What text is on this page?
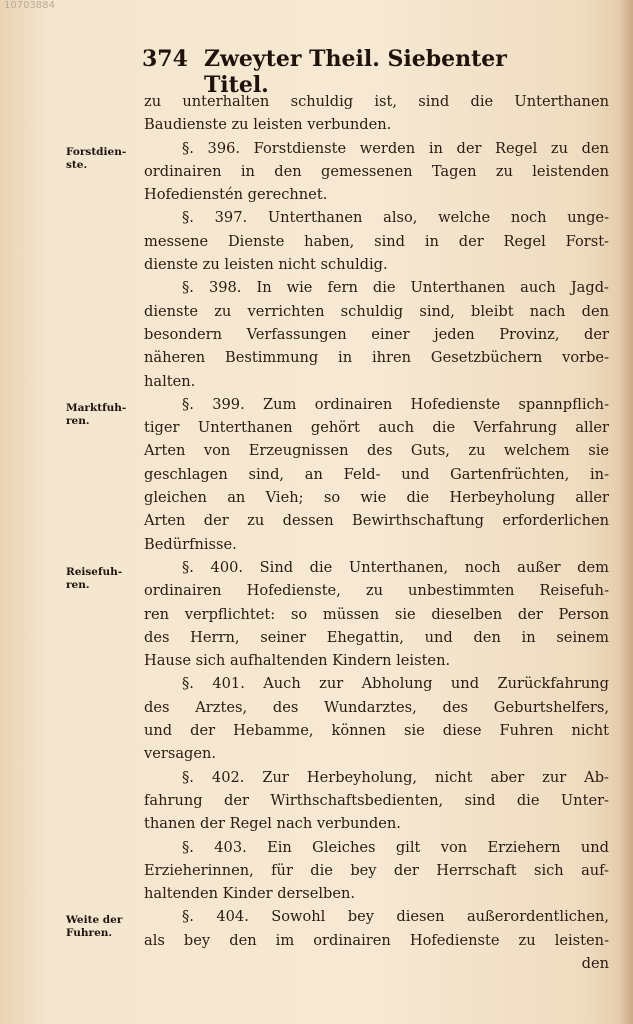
10703884
374 Zweyter Theil. Siebenter Titel.
Forstdien-
ste.
Marktfuh-
ren.
Reisefuh-
ren.
Weite der
Fuhren.
zu unterhalten schuldig ist, sind die Unterthanen
Baudienste zu leisten verbunden.
§. 396. Forstdienste werden in der Regel zu den
ordinairen in den gemessenen Tagen zu leistenden
Hofedienstén gerechnet.
§. 397. Unterthanen also, welche noch unge-
messene Dienste haben, sind in der Regel Forst-
dienste zu leisten nicht schuldig.
§. 398. In wie fern die Unterthanen auch Jagd-
dienste zu verrichten schuldig sind, bleibt nach den
besondern Verfassungen einer jeden Provinz, der
näheren Bestimmung in ihren Gesetzbüchern vorbe-
halten.
§. 399. Zum ordinairen Hofedienste spannpflich-
tiger Unterthanen gehört auch die Verfahrung aller
Arten von Erzeugnissen des Guts, zu welchem sie
geschlagen sind, an Feld- und Gartenfrüchten, in-
gleichen an Vieh; so wie die Herbeyholung aller
Arten der zu dessen Bewirthschaftung erforderlichen
Bedürfnisse.
§. 400. Sind die Unterthanen, noch außer dem
ordinairen Hofedienste, zu unbestimmten Reisefuh-
ren verpflichtet: so müssen sie dieselben der Person
des Herrn, seiner Ehegattin, und den in seinem
Hause sich aufhaltenden Kindern leisten.
§. 401. Auch zur Abholung und Zurückfahrung
des Arztes, des Wundarztes, des Geburtshelfers,
und der Hebamme, können sie diese Fuhren nicht
versagen.
§. 402. Zur Herbeyholung, nicht aber zur Ab-
fahrung der Wirthschaftsbedienten, sind die Unter-
thanen der Regel nach verbunden.
§. 403. Ein Gleiches gilt von Erziehern und
Erzieherinnen, für die bey der Herrschaft sich auf-
haltenden Kinder derselben.
§. 404. Sowohl bey diesen außerordentlichen,
als bey den im ordinairen Hofedienste zu leisten-
den
